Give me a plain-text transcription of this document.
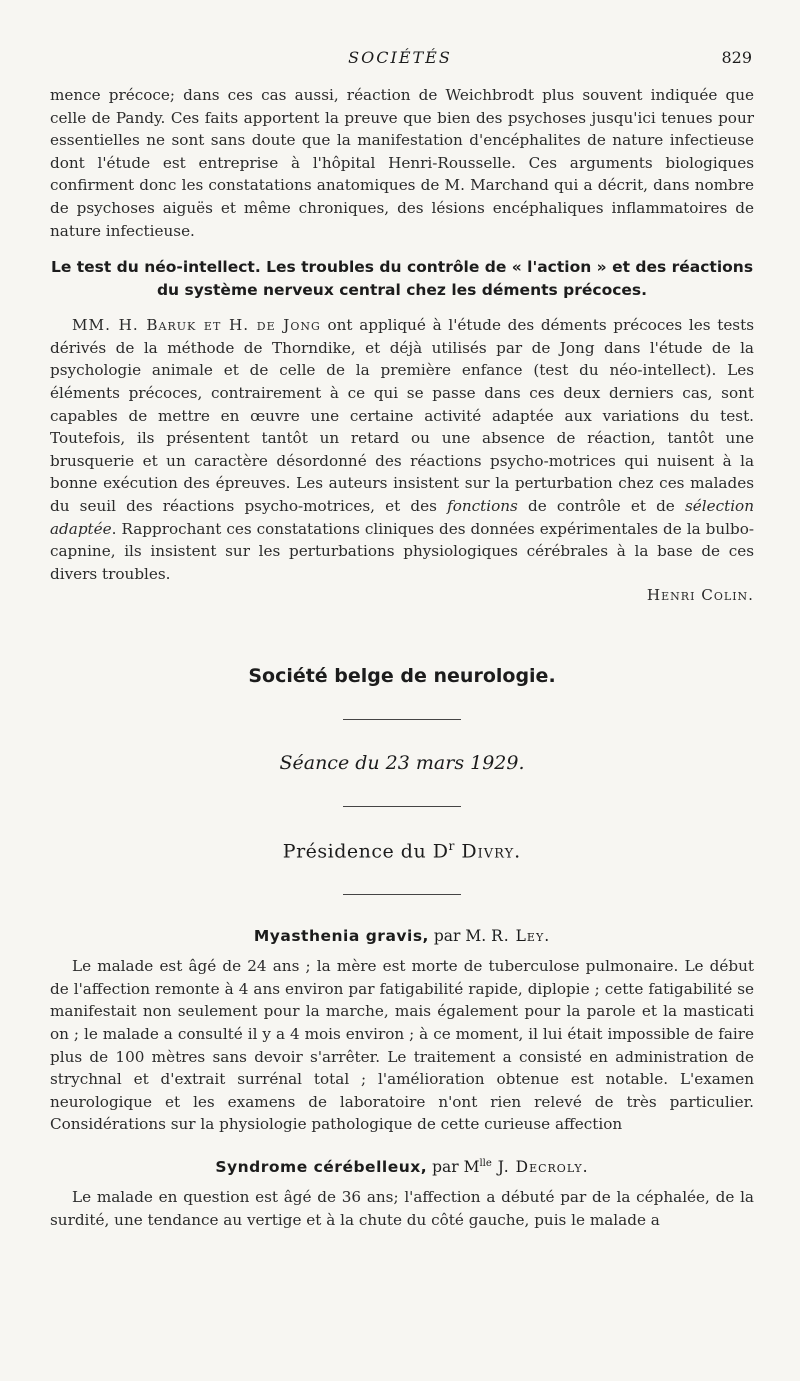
SOCIÉTÉS	829

mence précoce; dans ces cas aussi, réaction de Weichbrodt plus souvent indiquée que celle de Pandy. Ces faits apportent la preuve que bien des psychoses jusqu'ici tenues pour essentielles ne sont sans doute que la manifestation d'encéphalites de nature infectieuse dont l'étude est entreprise à l'hôpital Henri-Rousselle. Ces arguments biologiques confirment donc les constatations anatomiques de M. Marchand qui a décrit, dans nombre de psychoses aiguës et même chroniques, des lésions encéphaliques inflammatoires de nature infectieuse.

Le test du néo-intellect. Les troubles du contrôle de « l'action » et des réactions du système nerveux central chez les déments précoces.

MM. H. Baruk et H. de Jong ont appliqué à l'étude des déments précoces les tests dérivés de la méthode de Thorndike, et déjà utilisés par de Jong dans l'étude de la psychologie animale et de celle de la première enfance (test du néo-intellect). Les éléments précoces, contrairement à ce qui se passe dans ces deux derniers cas, sont capables de mettre en œuvre une certaine activité adaptée aux variations du test. Toutefois, ils présentent tantôt un retard ou une absence de réaction, tantôt une brusquerie et un caractère désordonné des réactions psycho-motrices qui nuisent à la bonne exécution des épreuves. Les auteurs insistent sur la perturbation chez ces malades du seuil des réactions psycho-motrices, et des fonctions de contrôle et de sélection adaptée. Rapprochant ces constatations cliniques des données expérimentales de la bulbo-capnine, ils insistent sur les perturbations physiologiques cérébrales à la base de ces divers troubles.

Henri Colin.

Société belge de neurologie.
Séance du 23 mars 1929.
Présidence du $D^r$ Divry.
Myasthenia gravis, par M. R. Ley.

Le malade est âgé de 24 ans ; la mère est morte de tuberculose pulmonaire. Le début de l'affection remonte à 4 ans environ par fatigabilité rapide, diplopie ; cette fatigabilité se manifestait non seulement pour la marche, mais également pour la parole et la masticati on ; le malade a consulté il y a 4 mois environ ; à ce moment, il lui était impossible de faire plus de 100 mètres sans devoir s'arrêter. Le traitement a consisté en administration de strychnal et d'extrait surrénal total ; l'amélioration obtenue est notable. L'examen neurologique et les examens de laboratoire n'ont rien relevé de très particulier. Considérations sur la physiologie pathologique de cette curieuse affection

Syndrome cérébelleux, par $M^{lle}$ J. Decroly.

Le malade en question est âgé de 36 ans; l'affection a débuté par de la céphalée, de la surdité, une tendance au vertige et à la chute du côté gauche, puis le malade a
